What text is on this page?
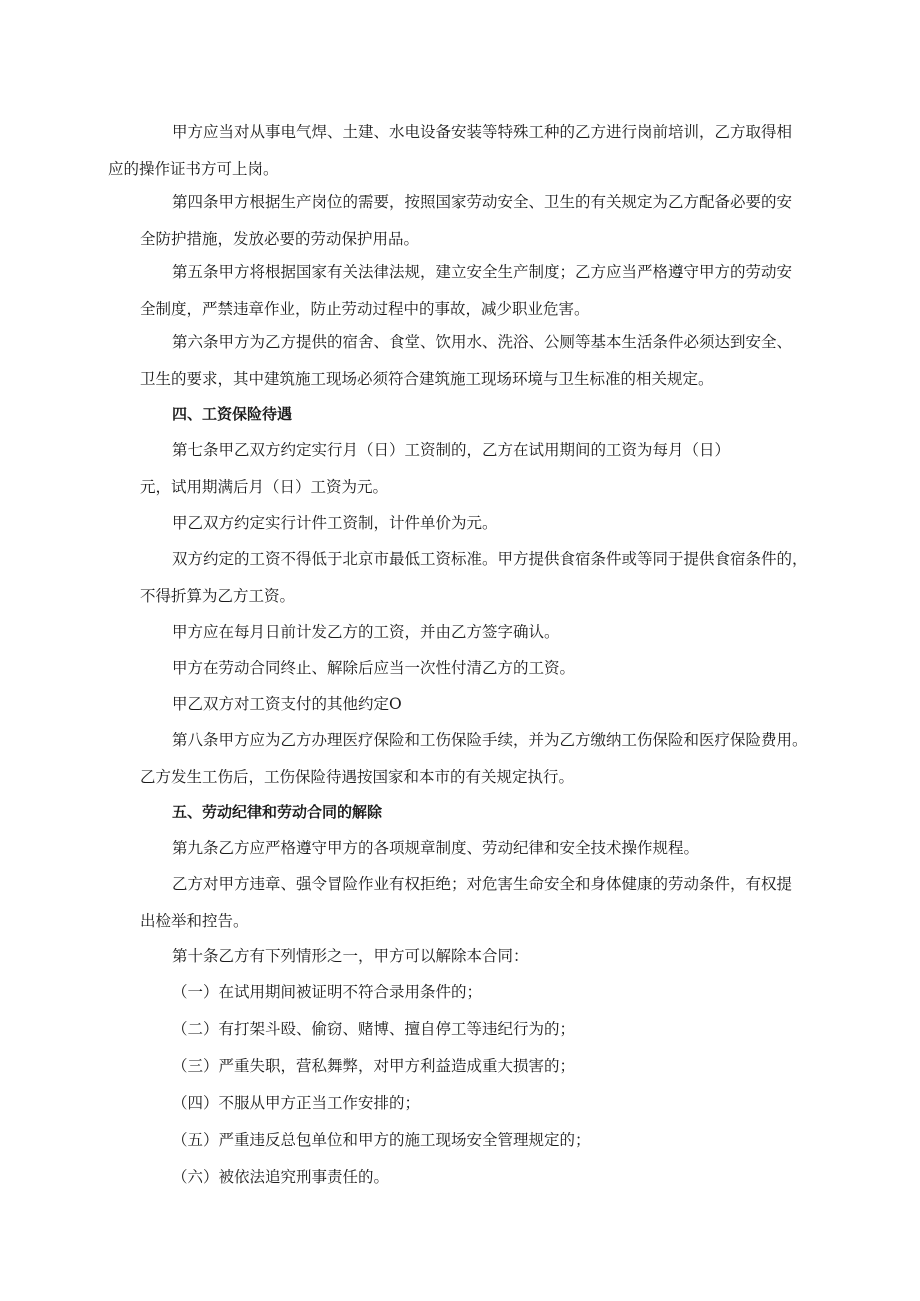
甲方应当对从事电气焊、土建、水电设备安装等特殊工种的乙方进行岗前培训，乙方取得相
应的操作证书方可上岗。
第四条甲方根据生产岗位的需要，按照国家劳动安全、卫生的有关规定为乙方配备必要的安
全防护措施，发放必要的劳动保护用品。
第五条甲方将根据国家有关法律法规，建立安全生产制度；乙方应当严格遵守甲方的劳动安
全制度，严禁违章作业，防止劳动过程中的事故，减少职业危害。
第六条甲方为乙方提供的宿舍、食堂、饮用水、洗浴、公厕等基本生活条件必须达到安全、
卫生的要求，其中建筑施工现场必须符合建筑施工现场环境与卫生标准的相关规定。
四、工资保险待遇
第七条甲乙双方约定实行月（日）工资制的，乙方在试用期间的工资为每月（日）
元，试用期满后月（日）工资为元。
甲乙双方约定实行计件工资制，计件单价为元。
双方约定的工资不得低于北京市最低工资标准。甲方提供食宿条件或等同于提供食宿条件的，
不得折算为乙方工资。
甲方应在每月日前计发乙方的工资，并由乙方签字确认。
甲方在劳动合同终止、解除后应当一次性付清乙方的工资。
甲乙双方对工资支付的其他约定O
第八条甲方应为乙方办理医疗保险和工伤保险手续，并为乙方缴纳工伤保险和医疗保险费用。
乙方发生工伤后，工伤保险待遇按国家和本市的有关规定执行。
五、劳动纪律和劳动合同的解除
第九条乙方应严格遵守甲方的各项规章制度、劳动纪律和安全技术操作规程。
乙方对甲方违章、强令冒险作业有权拒绝；对危害生命安全和身体健康的劳动条件，有权提
出检举和控告。
第十条乙方有下列情形之一，甲方可以解除本合同：
（一）在试用期间被证明不符合录用条件的；
（二）有打架斗殴、偷窃、赌博、擅自停工等违纪行为的；
（三）严重失职，营私舞弊，对甲方利益造成重大损害的；
（四）不服从甲方正当工作安排的；
（五）严重违反总包单位和甲方的施工现场安全管理规定的；
（六）被依法追究刑事责任的。
